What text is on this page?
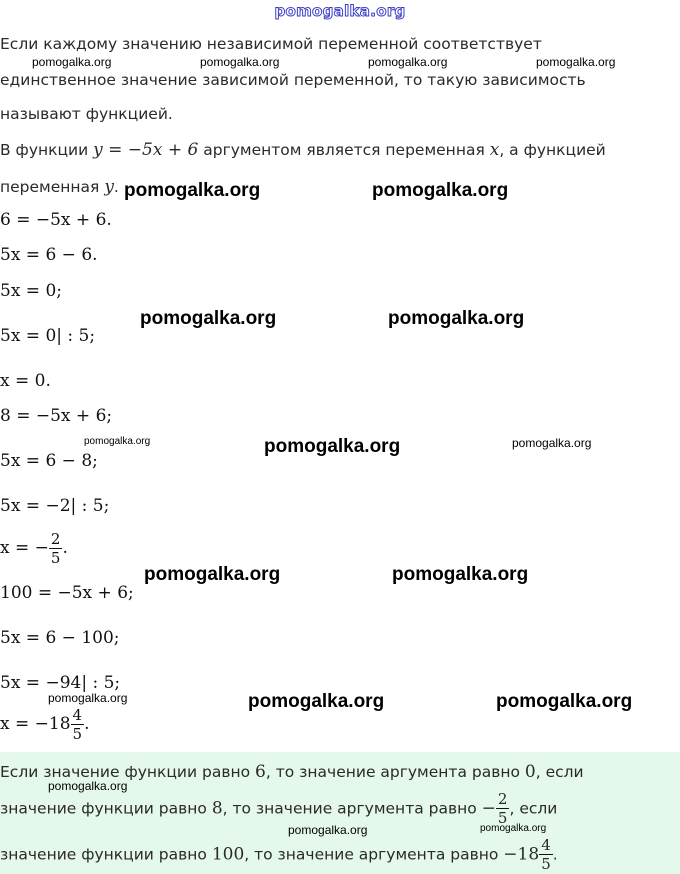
pomogalka.org
Если каждому значению независимой переменной соответствует
единственное значение зависимой переменной, то такую зависимость
называют функцией.
В функции y = −5x + 6 аргументом является переменная x, а функцией
переменная y.
6 = −5x + 6.
5x = 6 − 6.
5x = 0;
5x = 0| : 5;
x = 0.
8 = −5x + 6;
5x = 6 − 8;
5x = −2| : 5;
x = − $\frac{2}{5}$ .
100 = −5x + 6;
5x = 6 − 100;
5x = −94| : 5;
$x = -18 \frac{4}{5}$ .
Если значение функции равно 6, то значение аргумента равно 0, если
значение функции равно 8, то значение аргумента равно − $\frac{2}{5}$ , если
значение функции равно 100, то значение аргумента равно $-18 \frac{4}{5}$ .
pomogalka.org	pomogalka.org	pomogalka.org	pomogalka.org
pomogalka.org	pomogalka.org
pomogalka.org	pomogalka.org
pomogalka.org	pomogalka.org	pomogalka.org
pomogalka.org	pomogalka.org
pomogalka.org	pomogalka.org	pomogalka.org
pomogalka.org
pomogalka.org	pomogalka.org
